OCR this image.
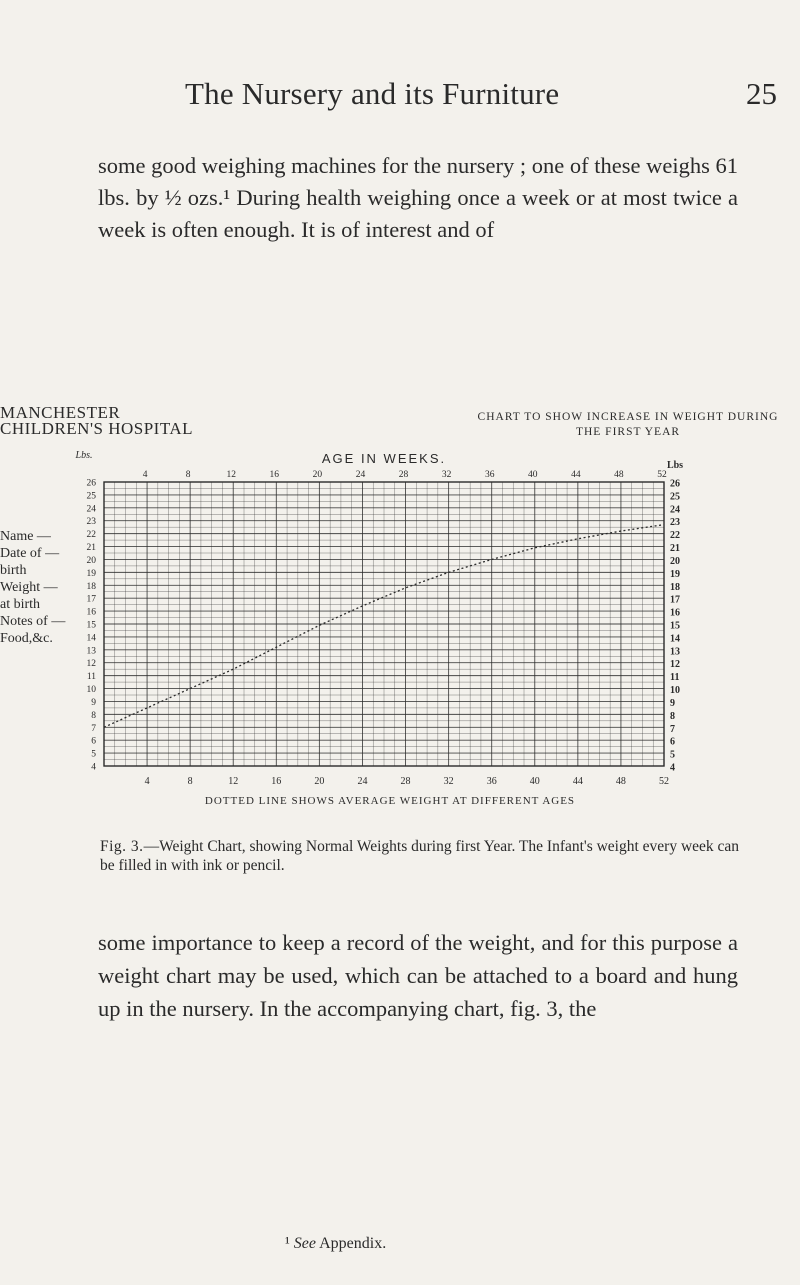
The Nursery and its Furniture	25

some good weighing machines for the nursery ; one of these weighs 61 lbs. by ½ ozs.¹ During health weighing once a week or at most twice a week is often enough. It is of interest and of

MANCHESTER
CHILDREN'S HOSPITAL
CHART TO SHOW INCREASE IN WEIGHT DURING
THE FIRST YEAR
Name —
Date of —
birth
Weight —
at birth
Notes of —
Food,&c.
4
4
8
8
12
12
16
16
20
20
24
24
28
28
32
32
36
36
40
40
44
44
48
48
52
52
4	4
5	5
6	6
7	7
8	8
9	9
10	10
11	11
12	12
13	13
14	14
15	15
16	16
17	17
18	18
19	19
20	20
21	21
22	22
23	23
24	24
25	25
26	26
AGE IN WEEKS.
Lbs.
Lbs
DOTTED LINE SHOWS AVERAGE WEIGHT AT DIFFERENT AGES

Fig. 3.—Weight Chart, showing Normal Weights during first Year. The Infant's weight every week can be filled in with ink or pencil.

some importance to keep a record of the weight, and for this purpose a weight chart may be used, which can be attached to a board and hung up in the nursery. In the accompanying chart, fig. 3, the

¹ See Appendix.
